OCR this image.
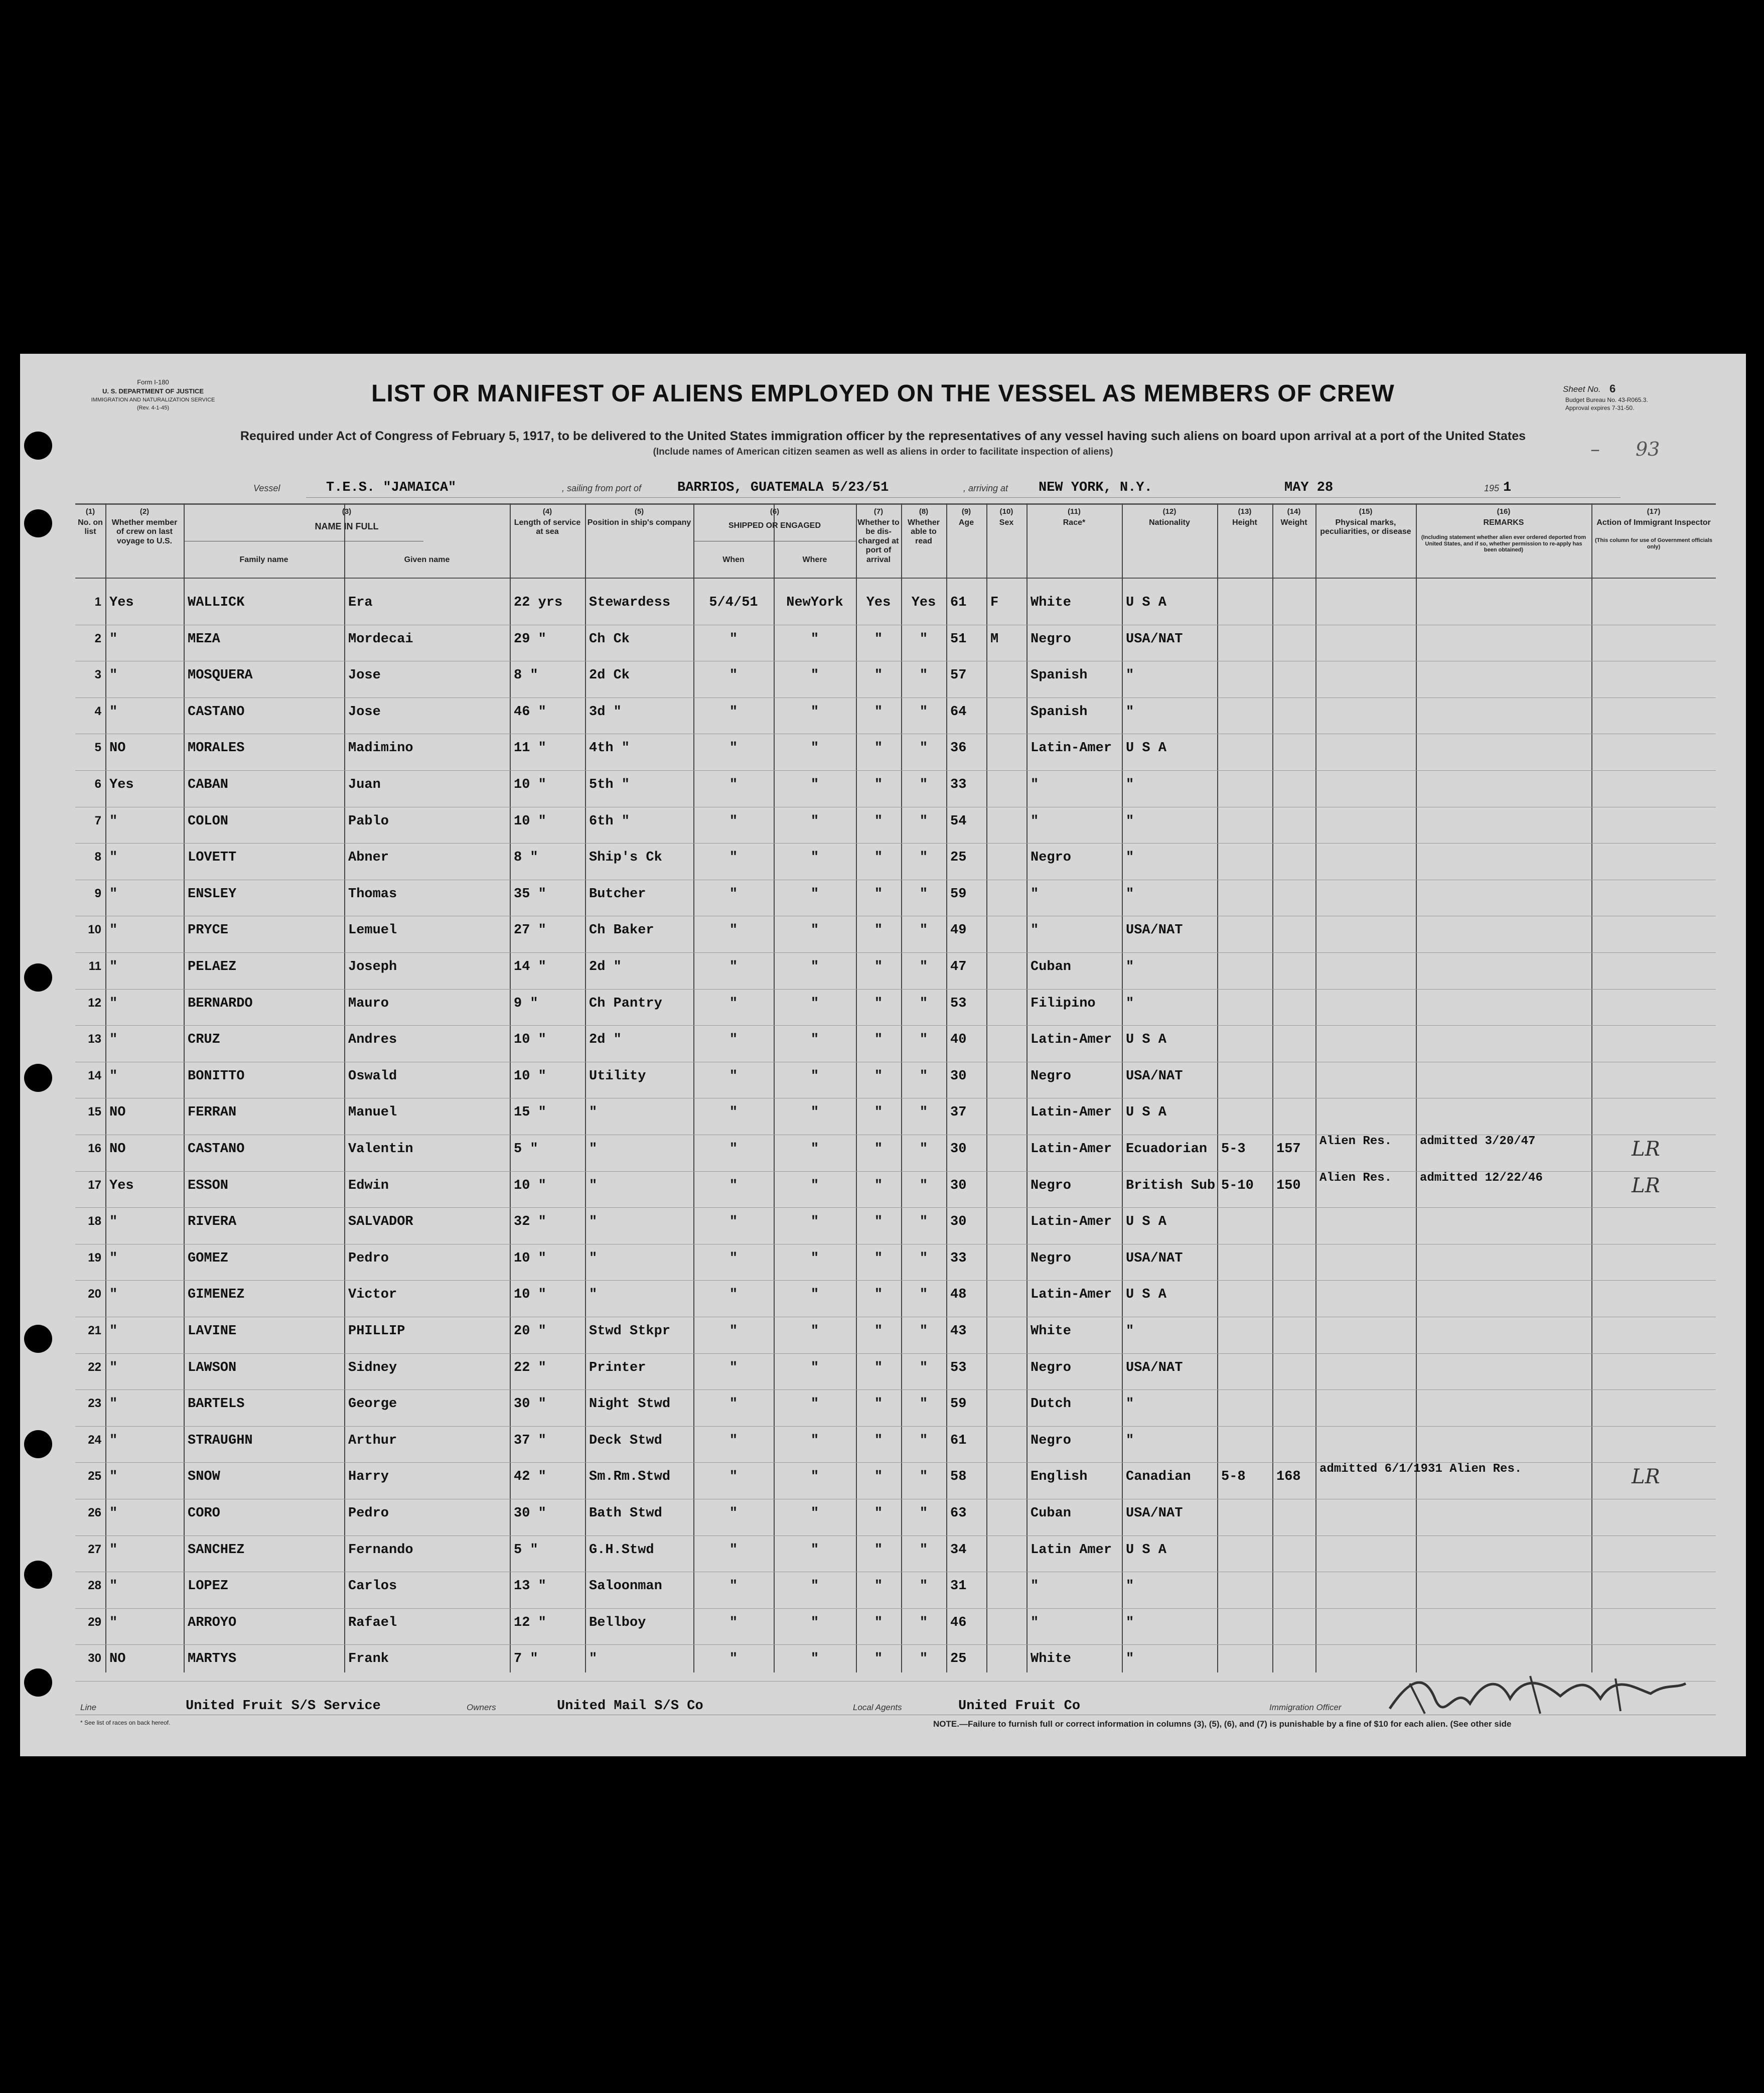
Form I-180
U. S. DEPARTMENT OF JUSTICE
IMMIGRATION AND NATURALIZATION SERVICE
(Rev. 4-1-45)
Sheet No. 6
Budget Bureau No. 43-R065.3.
Approval expires 7-31-50.
93
–
LIST OR MANIFEST OF ALIENS EMPLOYED ON THE VESSEL AS MEMBERS OF CREW
Required under Act of Congress of February 5, 1917, to be delivered to the United States immigration officer by the representatives of any vessel having such aliens on board upon arrival at a port of the United States
(Include names of American citizen seamen as well as aliens in order to facilitate inspection of aliens)
Vessel	T.E.S. "JAMAICA"	, sailing from port of	BARRIOS, GUATEMALA 5/23/51	, arriving at NEW YORK, N.Y.	MAY 28	195 1
(1)
No. on list
(2)
Whether member of crew on last voyage to U.S.
(3)
NAME IN FULL
(4)
Length of service at sea
(5)
Position in ship's company
(6)
SHIPPED OR ENGAGED
(7)
Whether to be dis-charged at port of arrival
(8)
Whether able to read
(9)
Age
(10)
Sex
(11)
Race*
(12)
Nationality
(13)
Height
(14)
Weight
(15)
Physical marks, peculiarities, or disease
(16)
REMARKS
(17)
Action of Immigrant Inspector
Family name	Given name	When	Where
(Including statement whether alien ever ordered deported from United States, and if so, whether permission to re-apply has been obtained)
(This column for use of Government officials only)
1 Yes	WALLICK	Era	22 yrs Stewardess	5/4/51	NewYork	Yes	Yes	61 F White	U S A
2 "	MEZA	Mordecai	29 "	Ch Ck	"	"	"	"	51 M Negro	USA/NAT
3 "	MOSQUERA	Jose	8 "	2d Ck	"	"	"	"	57	Spanish	"
4 "	CASTANO	Jose	46 "	3d "	"	"	"	"	64	Spanish	"
5 NO	MORALES	Madimino	11 "	4th "	"	"	"	"	36	Latin-Amer U S A
6 Yes	CABAN	Juan	10 "	5th "	"	"	"	"	33	"	"
7 "	COLON	Pablo	10 "	6th "	"	"	"	"	54	"	"
8 "	LOVETT	Abner	8 "	Ship's Ck	"	"	"	"	25	Negro	"
9 "	ENSLEY	Thomas	35 "	Butcher	"	"	"	"	59	"	"
10 "	PRYCE	Lemuel	27 "	Ch Baker	"	"	"	"	49	"	USA/NAT
11 "	PELAEZ	Joseph	14 "	2d "	"	"	"	"	47	Cuban	"
12 "	BERNARDO	Mauro	9 "	Ch Pantry	"	"	"	"	53	Filipino "
13 "	CRUZ	Andres	10 "	2d "	"	"	"	"	40	Latin-Amer U S A
14 "	BONITTO	Oswald	10 "	Utility	"	"	"	"	30	Negro	USA/NAT
15 NO	FERRAN	Manuel	15 "	"	"	"	"	"	37	Latin-Amer U S A
16 NO	CASTANO	Valentin	5 "	"	"	"	"	"	30	Latin-Amer Ecuadorian 5-3 157
Alien Res. admitted 3/20/47	LR
17 Yes	ESSON	Edwin	10 "	"	"	"	"	"	30	Negro	British Sub 5-10 150
Alien Res. admitted 12/22/46	LR
18 "	RIVERA	SALVADOR	32 "	"	"	"	"	"	30	Latin-Amer U S A
19 "	GOMEZ	Pedro	10 "	"	"	"	"	"	33	Negro	USA/NAT
20 "	GIMENEZ	Victor	10 "	"	"	"	"	"	48	Latin-Amer U S A
21 "	LAVINE	PHILLIP	20 "	Stwd Stkpr	"	"	"	"	43	White	"
22 "	LAWSON	Sidney	22 "	Printer	"	"	"	"	53	Negro	USA/NAT
23 "	BARTELS	George	30 "	Night Stwd	"	"	"	"	59	Dutch	"
24 "	STRAUGHN	Arthur	37 "	Deck Stwd	"	"	"	"	61	Negro	"
25 "	SNOW	Harry	42 "	Sm.Rm.Stwd	"	"	"	"	58	English	Canadian 5-8 168
admitted 6/1/1931 Alien Res.	LR
26 "	CORO	Pedro	30 "	Bath Stwd	"	"	"	"	63	Cuban	USA/NAT
27 "	SANCHEZ	Fernando	5 "	G.H.Stwd	"	"	"	"	34	Latin Amer U S A
28 "	LOPEZ	Carlos	13 "	Saloonman	"	"	"	"	31	"	"
29 "	ARROYO	Rafael	12 "	Bellboy	"	"	"	"	46	"	"
30 NO	MARTYS	Frank	7 "	"	"	"	"	"	25	White	"
Line	United Fruit S/S Service	Owners	United Mail S/S Co	Local Agents	United Fruit Co	Immigration Officer
* See list of races on back hereof.	NOTE.—Failure to furnish full or correct information in columns (3), (5), (6), and (7) is punishable by a fine of $10 for each alien. (See other side
